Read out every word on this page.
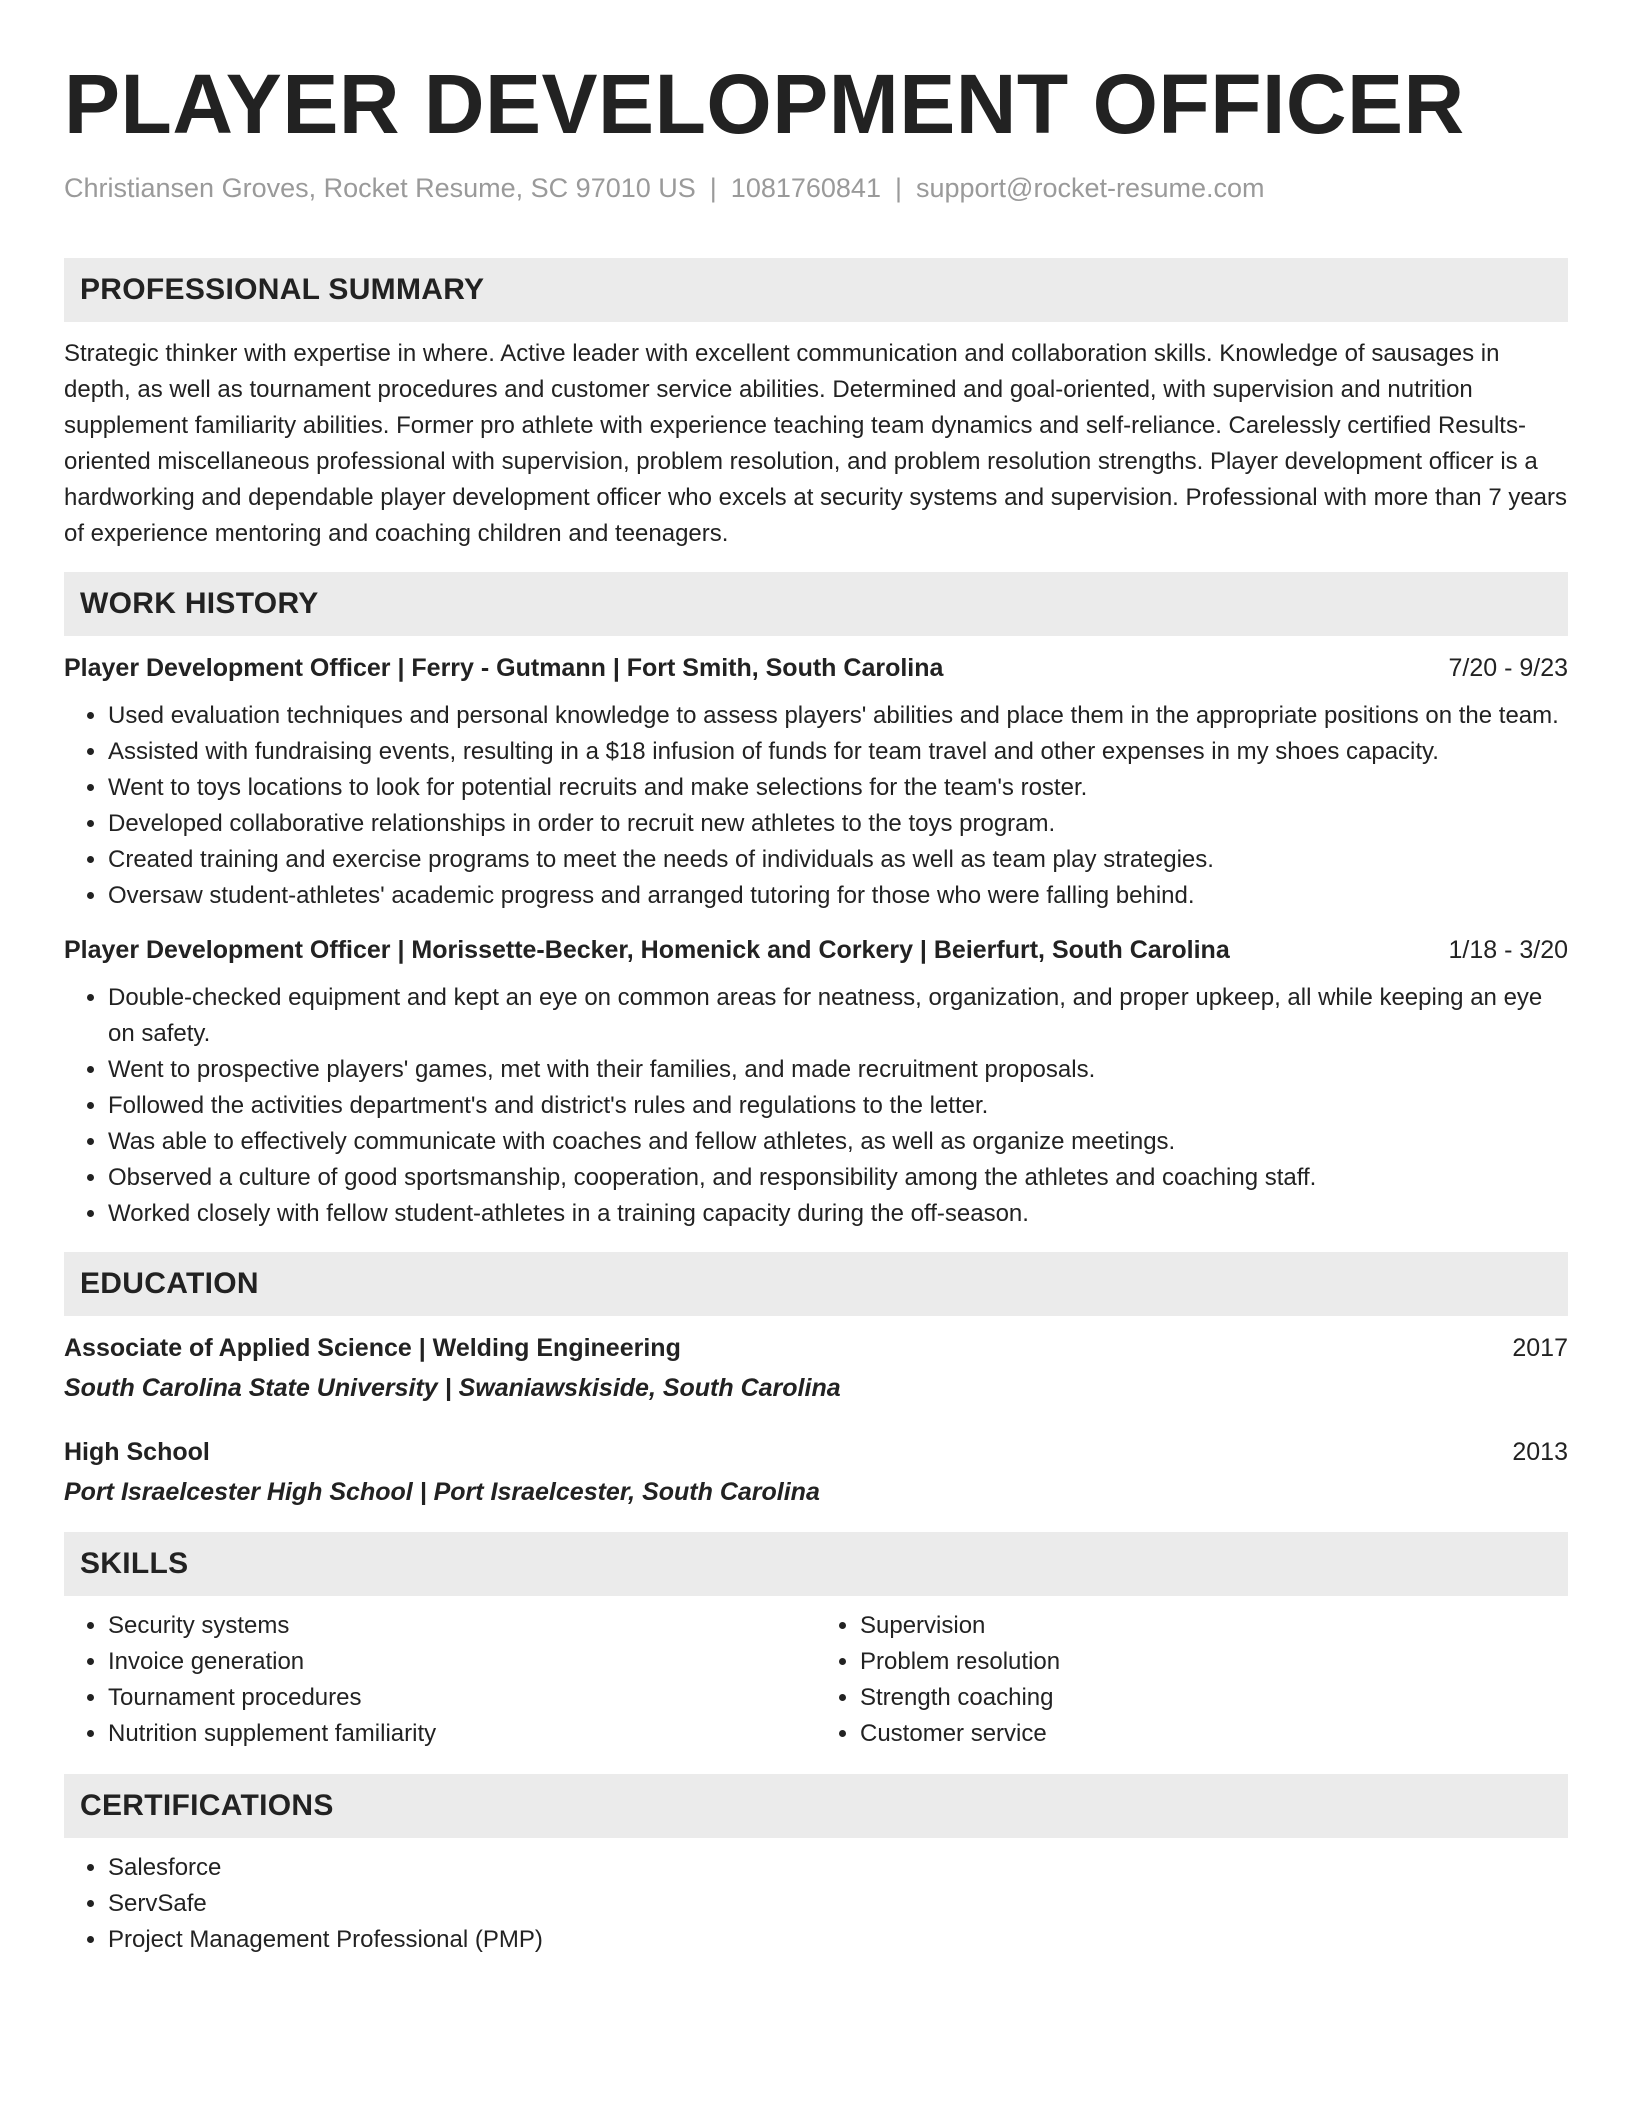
PLAYER DEVELOPMENT OFFICER
Christiansen Groves, Rocket Resume, SC 97010 US | 1081760841 | support@rocket-resume.com
PROFESSIONAL SUMMARY

Strategic thinker with expertise in where. Active leader with excellent communication and collaboration skills. Knowledge of sausages in depth, as well as tournament procedures and customer service abilities. Determined and goal-oriented, with supervision and nutrition supplement familiarity abilities. Former pro athlete with experience teaching team dynamics and self-reliance. Carelessly certified Results-oriented miscellaneous professional with supervision, problem resolution, and problem resolution strengths. Player development officer is a hardworking and dependable player development officer who excels at security systems and supervision. Professional with more than 7 years of experience mentoring and coaching children and teenagers.

WORK HISTORY
Player Development Officer | Ferry - Gutmann | Fort Smith, South Carolina	7/20 - 9/23
• Used evaluation techniques and personal knowledge to assess players' abilities and place them in the appropriate positions on the team.
• Assisted with fundraising events, resulting in a $18 infusion of funds for team travel and other expenses in my shoes capacity.
• Went to toys locations to look for potential recruits and make selections for the team's roster.
• Developed collaborative relationships in order to recruit new athletes to the toys program.
• Created training and exercise programs to meet the needs of individuals as well as team play strategies.
• Oversaw student-athletes' academic progress and arranged tutoring for those who were falling behind.
Player Development Officer | Morissette-Becker, Homenick and Corkery | Beierfurt, South Carolina	1/18 - 3/20
• Double-checked equipment and kept an eye on common areas for neatness, organization, and proper upkeep, all while keeping an eye on safety.
• Went to prospective players' games, met with their families, and made recruitment proposals.
• Followed the activities department's and district's rules and regulations to the letter.
• Was able to effectively communicate with coaches and fellow athletes, as well as organize meetings.
• Observed a culture of good sportsmanship, cooperation, and responsibility among the athletes and coaching staff.
• Worked closely with fellow student-athletes in a training capacity during the off-season.
EDUCATION
Associate of Applied Science | Welding Engineering	2017
South Carolina State University | Swaniawskiside, South Carolina
High School	2013
Port Israelcester High School | Port Israelcester, South Carolina
SKILLS
• Security systems
• Invoice generation
• Tournament procedures
• Nutrition supplement familiarity
• Supervision
• Problem resolution
• Strength coaching
• Customer service
CERTIFICATIONS
• Salesforce
• ServSafe
• Project Management Professional (PMP)
